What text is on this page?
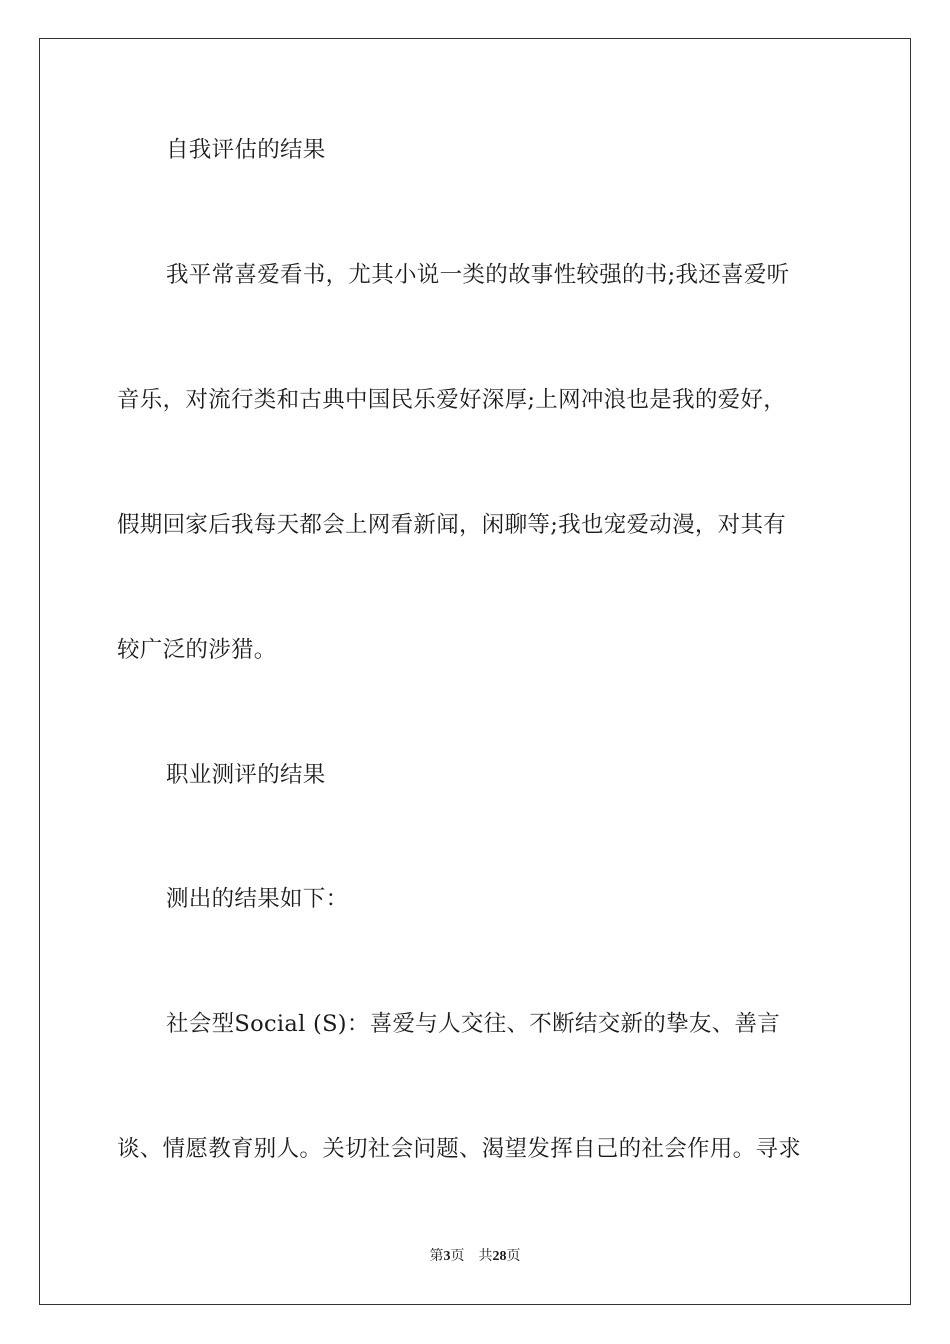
自我评估的结果
我平常喜爱看书，尤其小说一类的故事性较强的书;我还喜爱听
音乐，对流行类和古典中国民乐爱好深厚;上网冲浪也是我的爱好，
假期回家后我每天都会上网看新闻，闲聊等;我也宠爱动漫，对其有
较广泛的涉猎。
职业测评的结果
测出的结果如下：
社会型Social (S)：喜爱与人交往、不断结交新的挚友、善言
谈、情愿教育别人。关切社会问题、渴望发挥自己的社会作用。寻求
第3页 共28页
